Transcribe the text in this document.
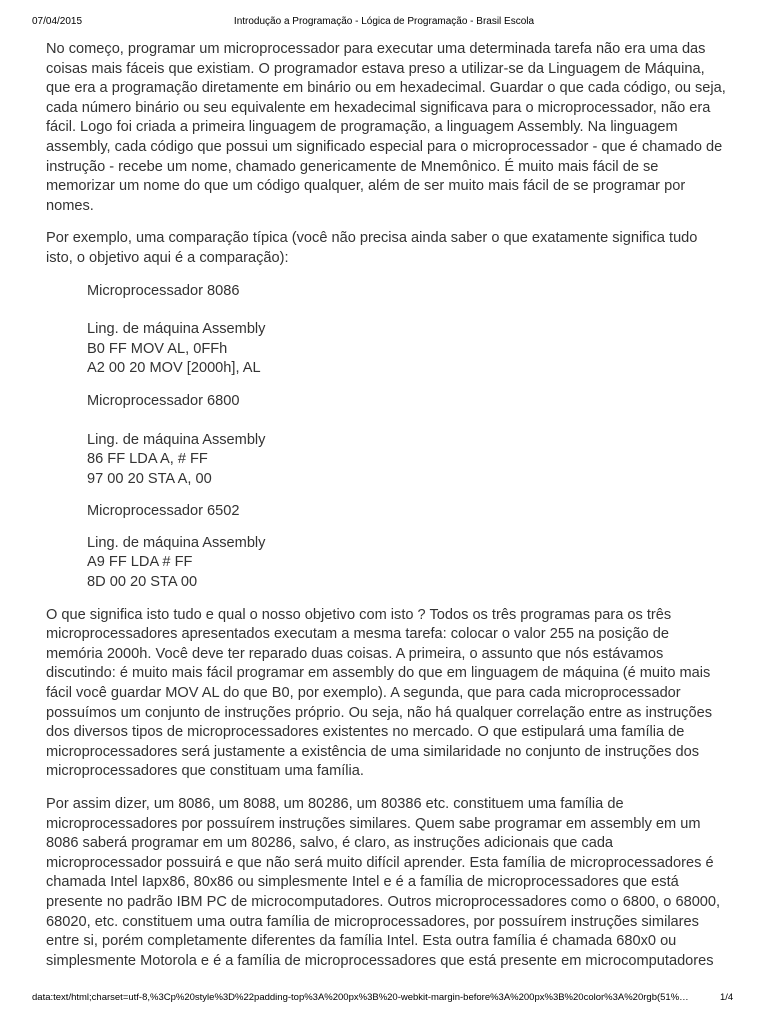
07/04/2015	Introdução a Programação - Lógica de Programação - Brasil Escola

No começo, programar um microprocessador para executar uma determinada tarefa não era uma das coisas mais fáceis que existiam. O programador estava preso a utilizar-se da Linguagem de Máquina, que era a programação diretamente em binário ou em hexadecimal. Guardar o que cada código, ou seja, cada número binário ou seu equivalente em hexadecimal significava para o microprocessador, não era fácil. Logo foi criada a primeira linguagem de programação, a linguagem Assembly. Na linguagem assembly, cada código que possui um significado especial para o microprocessador - que é chamado de instrução - recebe um nome, chamado genericamente de Mnemônico. É muito mais fácil de se memorizar um nome do que um código qualquer, além de ser muito mais fácil de se programar por nomes.

Por exemplo, uma comparação típica (você não precisa ainda saber o que exatamente significa tudo isto, o objetivo aqui é a comparação):

Microprocessador 8086
Ling. de máquina Assembly
B0 FF MOV AL, 0FFh
A2 00 20 MOV [2000h], AL
Microprocessador 6800
Ling. de máquina Assembly
86 FF LDA A, # FF
97 00 20 STA A, 00
Microprocessador 6502
Ling. de máquina Assembly
A9 FF LDA # FF
8D 00 20 STA 00

O que significa isto tudo e qual o nosso objetivo com isto ? Todos os três programas para os três microprocessadores apresentados executam a mesma tarefa: colocar o valor 255 na posição de memória 2000h. Você deve ter reparado duas coisas. A primeira, o assunto que nós estávamos discutindo: é muito mais fácil programar em assembly do que em linguagem de máquina (é muito mais fácil você guardar MOV AL do que B0, por exemplo). A segunda, que para cada microprocessador possuímos um conjunto de instruções próprio. Ou seja, não há qualquer correlação entre as instruções dos diversos tipos de microprocessadores existentes no mercado. O que estipulará uma família de microprocessadores será justamente a existência de uma similaridade no conjunto de instruções dos microprocessadores que constituam uma família.

Por assim dizer, um 8086, um 8088, um 80286, um 80386 etc. constituem uma família de microprocessadores por possuírem instruções similares. Quem sabe programar em assembly em um 8086 saberá programar em um 80286, salvo, é claro, as instruções adicionais que cada microprocessador possuirá e que não será muito difícil aprender. Esta família de microprocessadores é chamada Intel Iapx86, 80x86 ou simplesmente Intel e é a família de microprocessadores que está presente no padrão IBM PC de microcomputadores. Outros microprocessadores como o 6800, o 68000, 68020, etc. constituem uma outra família de microprocessadores, por possuírem instruções similares entre si, porém completamente diferentes da família Intel. Esta outra família é chamada 680x0 ou simplesmente Motorola e é a família de microprocessadores que está presente em microcomputadores

data:text/html;charset=utf-8,%3Cp%20style%3D%22padding-top%3A%200px%3B%20-webkit-margin-before%3A%200px%3B%20color%3A%20rgb(51%…	1/4
